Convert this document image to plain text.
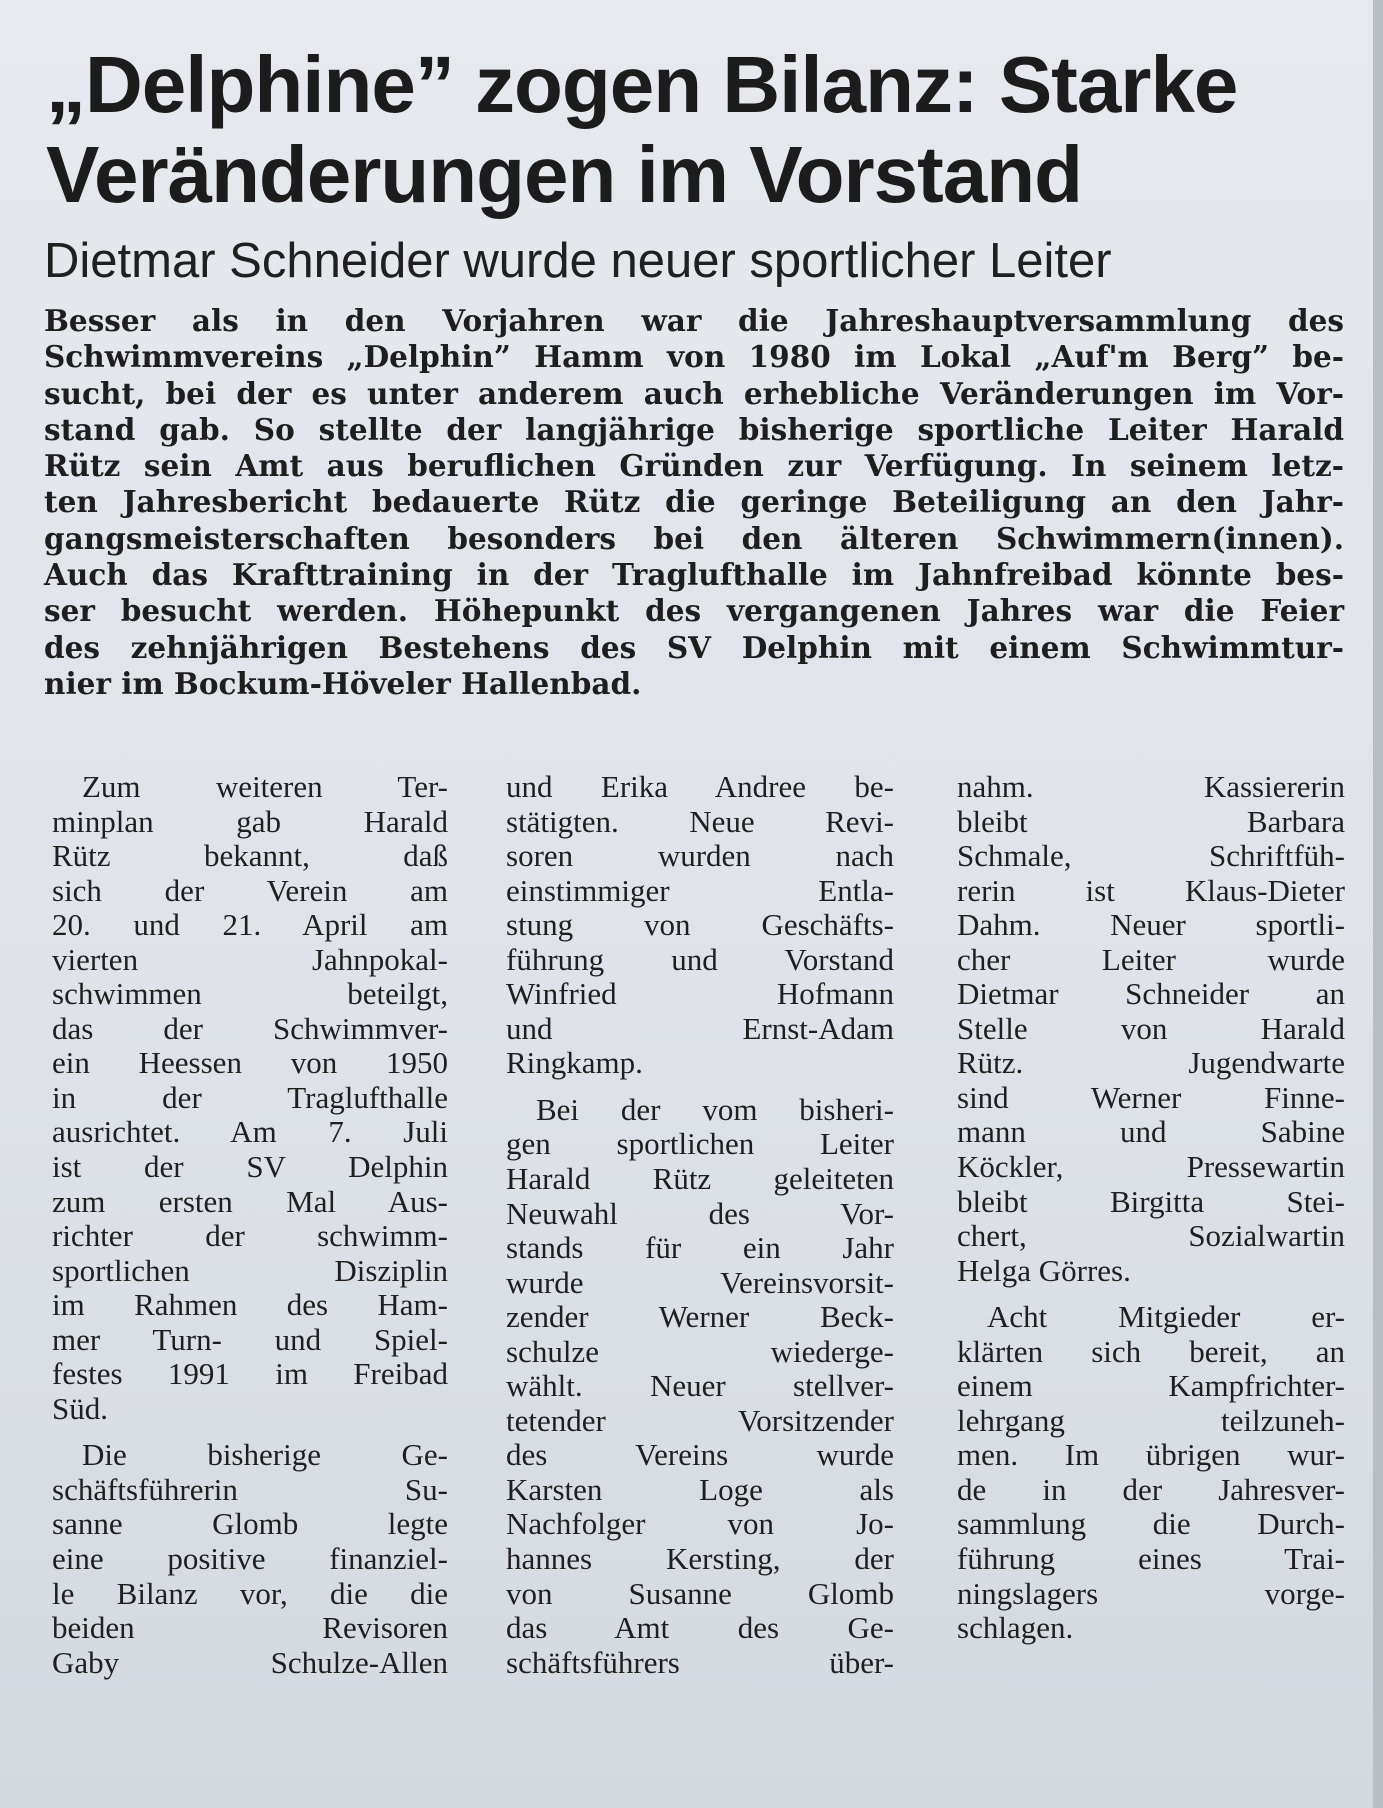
„Delphine” zogen Bilanz: Starke
Veränderungen im Vorstand
Dietmar Schneider wurde neuer sportlicher Leiter
Besser als in den Vorjahren war die Jahreshauptversammlung des
Schwimmvereins „Delphin” Hamm von 1980 im Lokal „Auf'm Berg” be-
sucht, bei der es unter anderem auch erhebliche Veränderungen im Vor-
stand gab. So stellte der langjährige bisherige sportliche Leiter Harald
Rütz sein Amt aus beruflichen Gründen zur Verfügung. In seinem letz-
ten Jahresbericht bedauerte Rütz die geringe Beteiligung an den Jahr-
gangsmeisterschaften besonders bei den älteren Schwimmern(innen).
Auch das Krafttraining in der Traglufthalle im Jahnfreibad könnte bes-
ser besucht werden. Höhepunkt des vergangenen Jahres war die Feier
des zehnjährigen Bestehens des SV Delphin mit einem Schwimmtur-
nier im Bockum-Höveler Hallenbad.
Zum weiteren Ter-
minplan gab Harald
Rütz bekannt, daß
sich der Verein am
20. und 21. April am
vierten Jahnpokal-
schwimmen beteilgt,
das der Schwimmver-
ein Heessen von 1950
in der Traglufthalle
ausrichtet. Am 7. Juli
ist der SV Delphin
zum ersten Mal Aus-
richter der schwimm-
sportlichen Disziplin
im Rahmen des Ham-
mer Turn- und Spiel-
festes 1991 im Freibad
Süd.
Die bisherige Ge-
schäftsführerin Su-
sanne Glomb legte
eine positive finanziel-
le Bilanz vor, die die
beiden Revisoren
Gaby Schulze-Allen
und Erika Andree be-
stätigten. Neue Revi-
soren wurden nach
einstimmiger Entla-
stung von Geschäfts-
führung und Vorstand
Winfried Hofmann
und Ernst-Adam
Ringkamp.
Bei der vom bisheri-
gen sportlichen Leiter
Harald Rütz geleiteten
Neuwahl des Vor-
stands für ein Jahr
wurde Vereinsvorsit-
zender Werner Beck-
schulze wiederge-
wählt. Neuer stellver-
tetender Vorsitzender
des Vereins wurde
Karsten Loge als
Nachfolger von Jo-
hannes Kersting, der
von Susanne Glomb
das Amt des Ge-
schäftsführers über-
nahm. Kassiererin
bleibt Barbara
Schmale, Schriftfüh-
rerin ist Klaus-Dieter
Dahm. Neuer sportli-
cher Leiter wurde
Dietmar Schneider an
Stelle von Harald
Rütz. Jugendwarte
sind Werner Finne-
mann und Sabine
Köckler, Pressewartin
bleibt Birgitta Stei-
chert, Sozialwartin
Helga Görres.
Acht Mitgieder er-
klärten sich bereit, an
einem Kampfrichter-
lehrgang teilzuneh-
men. Im übrigen wur-
de in der Jahresver-
sammlung die Durch-
führung eines Trai-
ningslagers vorge-
schlagen.
